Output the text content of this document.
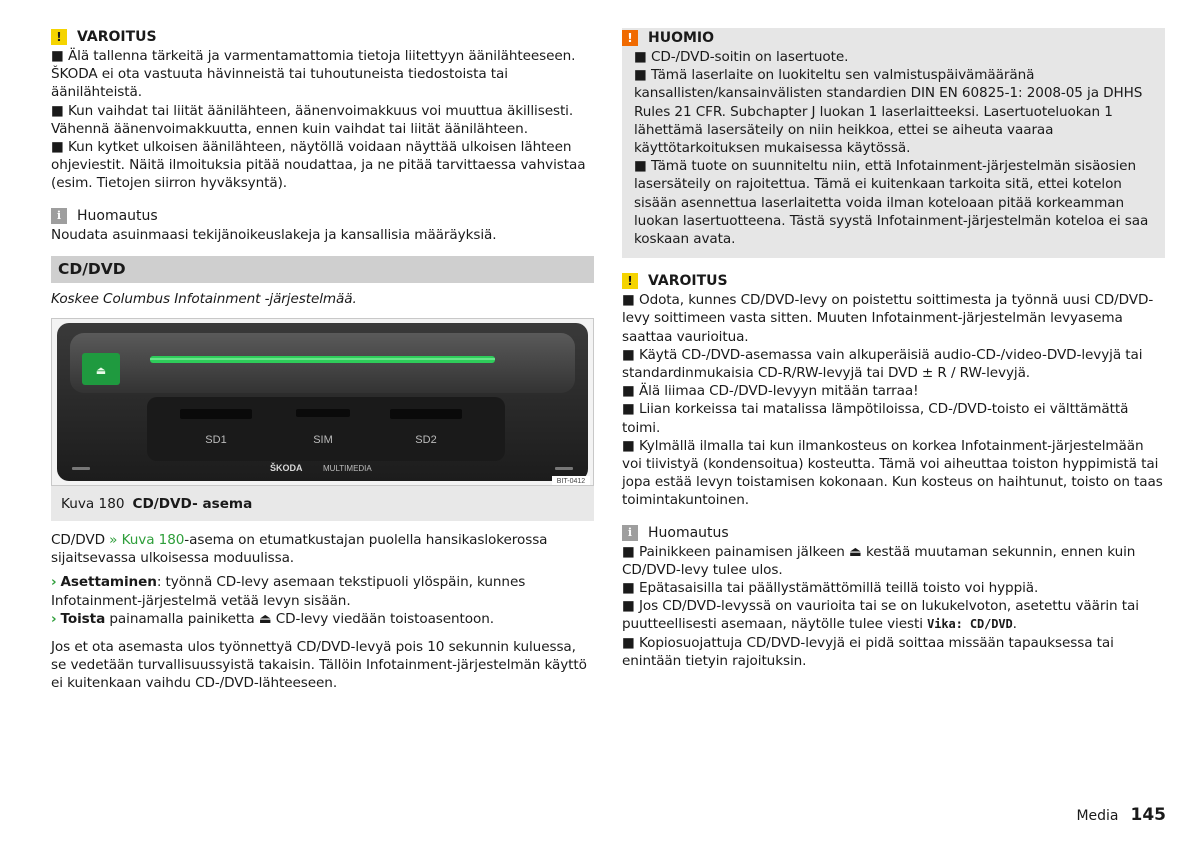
!	VAROITUS

■ Älä tallenna tärkeitä ja varmentamattomia tietoja liitettyyn äänilähteeseen. ŠKODA ei ota vastuuta hävinneistä tai tuhoutuneista tiedostoista tai äänilähteistä.

■ Kun vaihdat tai liität äänilähteen, äänenvoimakkuus voi muuttua äkillisesti. Vähennä äänenvoimakkuutta, ennen kuin vaihdat tai liität äänilähteen.

■ Kun kytket ulkoisen äänilähteen, näytöllä voidaan näyttää ulkoisen lähteen ohjeviestit. Näitä ilmoituksia pitää noudattaa, ja ne pitää tarvittaessa vahvistaa (esim. Tietojen siirron hyväksyntä).

i	Huomautus

Noudata asuinmaasi tekijänoikeuslakeja ja kansallisia määräyksiä.

CD/DVD

Koskee Columbus Infotainment -järjestelmää.

⏏
SD1	SIM	SD2
ŠKODA	MULTIMEDIA
BIT-0412
Kuva 180 CD/DVD- asema

CD/DVD » Kuva 180-asema on etumatkustajan puolella hansikaslokerossa sijaitsevassa ulkoisessa moduulissa.

› Asettaminen: työnnä CD-levy asemaan tekstipuoli ylöspäin, kunnes Infotainment-järjestelmä vetää levyn sisään.

› Toista painamalla painiketta ⏏ CD-levy viedään toistoasentoon.

Jos et ota asemasta ulos työnnettyä CD/DVD-levyä pois 10 sekunnin kuluessa, se vedetään turvallisuussyistä takaisin. Tällöin Infotainment-järjestelmän käyttö ei kuitenkaan vaihdu CD-/DVD-lähteeseen.

!	HUOMIO

■ CD-/DVD-soitin on lasertuote.

■ Tämä laserlaite on luokiteltu sen valmistuspäivämääränä kansallisten/kansainvälisten standardien DIN EN 60825-1: 2008-05 ja DHHS Rules 21 CFR. Subchapter J luokan 1 laserlaitteeksi. Lasertuoteluokan 1 lähettämä lasersäteily on niin heikkoa, ettei se aiheuta vaaraa käyttötarkoituksen mukaisessa käytössä.

■ Tämä tuote on suunniteltu niin, että Infotainment-järjestelmän sisäosien lasersäteily on rajoitettua. Tämä ei kuitenkaan tarkoita sitä, ettei kotelon sisään asennettua laserlaitetta voida ilman koteloaan pitää korkeamman luokan lasertuotteena. Tästä syystä Infotainment-järjestelmän koteloa ei saa koskaan avata.

!	VAROITUS

■ Odota, kunnes CD/DVD-levy on poistettu soittimesta ja työnnä uusi CD/DVD-levy soittimeen vasta sitten. Muuten Infotainment-järjestelmän levyasema saattaa vaurioitua.

■ Käytä CD-/DVD-asemassa vain alkuperäisiä audio-CD-/video-DVD-levyjä tai standardinmukaisia CD-R/RW-levyjä tai DVD ± R / RW-levyjä.

■ Älä liimaa CD-/DVD-levyyn mitään tarraa!

■ Liian korkeissa tai matalissa lämpötiloissa, CD-/DVD-toisto ei välttämättä toimi.

■ Kylmällä ilmalla tai kun ilmankosteus on korkea Infotainment-järjestelmään voi tiivistyä (kondensoitua) kosteutta. Tämä voi aiheuttaa toiston hyppimistä tai jopa estää levyn toistamisen kokonaan. Kun kosteus on haihtunut, toisto on taas toimintakuntoinen.

i	Huomautus

■ Painikkeen painamisen jälkeen ⏏ kestää muutaman sekunnin, ennen kuin CD/DVD-levy tulee ulos.

■ Epätasaisilla tai päällystämättömillä teillä toisto voi hyppiä.

■ Jos CD/DVD-levyssä on vaurioita tai se on lukukelvoton, asetettu väärin tai puutteellisesti asemaan, näytölle tulee viesti Vika: CD/DVD.

■ Kopiosuojattuja CD/DVD-levyjä ei pidä soittaa missään tapauksessa tai enintään tietyin rajoituksin.

Media 145
